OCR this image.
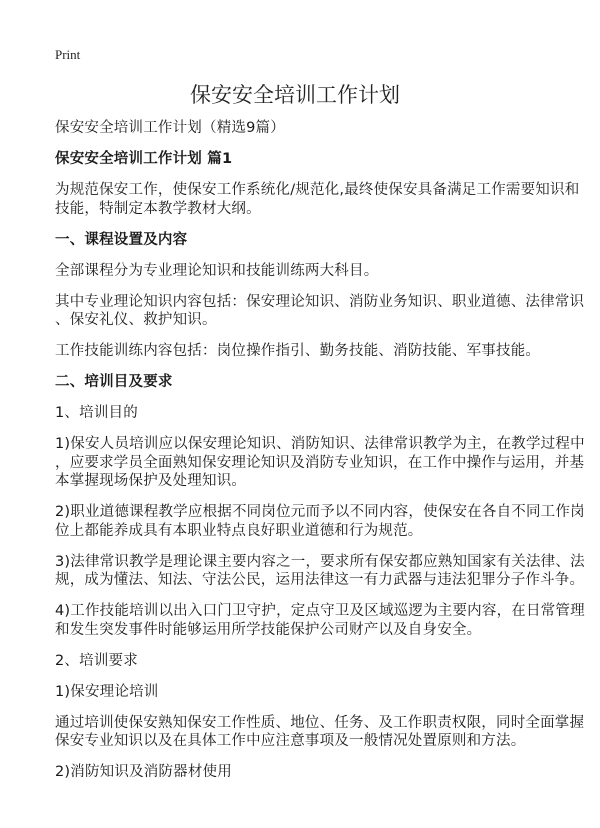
Print
保安安全培训工作计划
保安安全培训工作计划（精选9篇）
保安安全培训工作计划 篇1
为规范保安工作，使保安工作系统化/规范化,最终使保安具备满足工作需要知识和
技能，特制定本教学教材大纲。
一、课程设置及内容
全部课程分为专业理论知识和技能训练两大科目。
其中专业理论知识内容包括：保安理论知识、消防业务知识、职业道德、法律常识
、保安礼仪、救护知识。
工作技能训练内容包括：岗位操作指引、勤务技能、消防技能、军事技能。
二、培训目及要求
1、培训目的
1)保安人员培训应以保安理论知识、消防知识、法律常识教学为主，在教学过程中
，应要求学员全面熟知保安理论知识及消防专业知识，在工作中操作与运用，并基
本掌握现场保护及处理知识。
2)职业道德课程教学应根据不同岗位元而予以不同内容，使保安在各自不同工作岗
位上都能养成具有本职业特点良好职业道德和行为规范。
3)法律常识教学是理论课主要内容之一，要求所有保安都应熟知国家有关法律、法
规，成为懂法、知法、守法公民，运用法律这一有力武器与违法犯罪分子作斗争。
4)工作技能培训以出入口门卫守护，定点守卫及区域巡逻为主要内容，在日常管理
和发生突发事件时能够运用所学技能保护公司财产以及自身安全。
2、培训要求
1)保安理论培训
通过培训使保安熟知保安工作性质、地位、任务、及工作职责权限，同时全面掌握
保安专业知识以及在具体工作中应注意事项及一般情况处置原则和方法。
2)消防知识及消防器材使用
